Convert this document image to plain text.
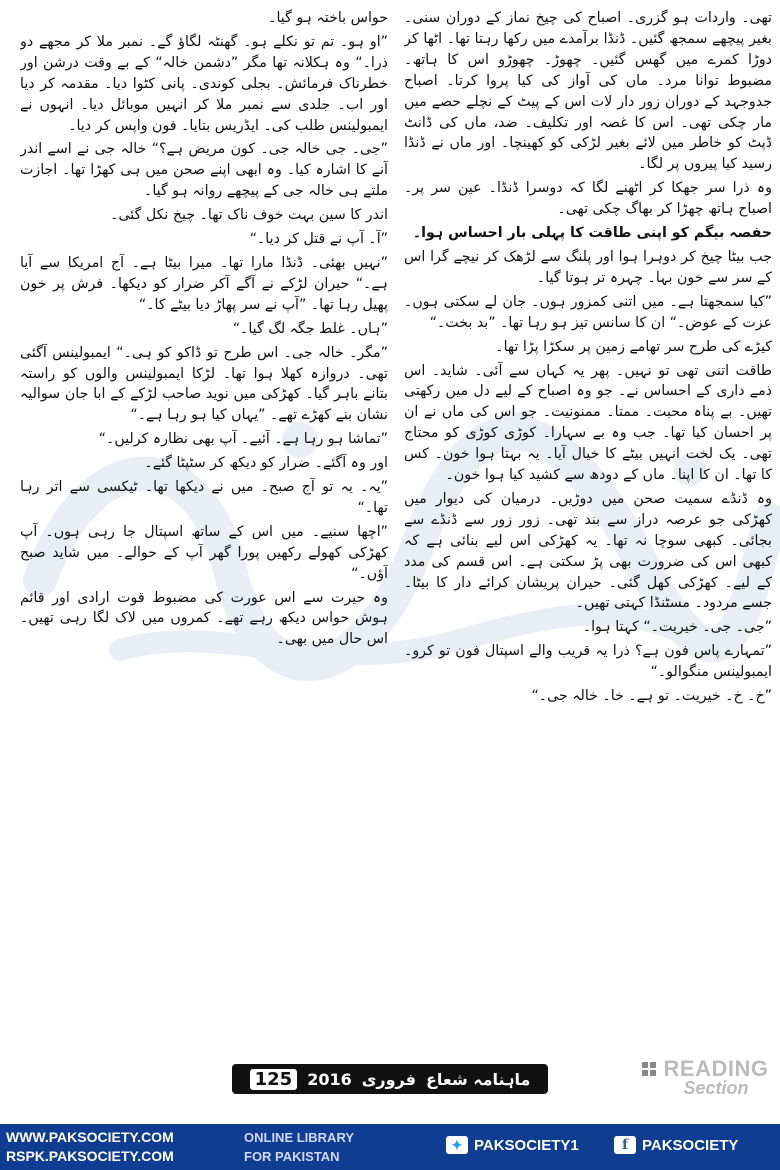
تھی۔ واردات ہو گزری۔ اصباح کی چیخ نماز کے دوران سنی۔ بغیر پیچھے سمجھ گئیں۔ ڈنڈا برآمدے میں رکھا رہتا تھا۔ اٹھا کر دوڑا کمرے میں گھس گئیں۔ چھوڑ۔ چھوڑو اس کا ہاتھ۔ مضبوط توانا مرد۔ ماں کی آواز کی کیا پروا کرتا۔ اصباح جدوجہد کے دوران زور دار لات اس کے پیٹ کے نچلے حصے میں مار چکی تھی۔ اس کا غصہ اور تکلیف۔ ضد، ماں کی ڈانٹ ڈپٹ کو خاطر میں لائے بغیر لڑکی کو کھینچا۔ اور ماں نے ڈنڈا رسید کیا پیروں پر لگا۔

وہ ذرا سر جھکا کر اٹھنے لگا کہ دوسرا ڈنڈا۔ عین سر پر۔ اصباح ہاتھ چھڑا کر بھاگ چکی تھی۔

حفصہ بیگم کو اپنی طاقت کا پہلی بار احساس ہوا۔

جب بیٹا چیخ کر دوہرا ہوا اور پلنگ سے لڑھک کر نیچے گرا اس کے سر سے خون بہا۔ چہرہ تر ہوتا گیا۔

”کیا سمجھتا ہے۔ میں اتنی کمزور ہوں۔ جان لے سکتی ہوں۔ عزت کے عوض۔“ ان کا سانس تیز ہو رہا تھا۔ ”بد بخت۔“

کیڑے کی طرح سر تھامے زمین پر سکڑا پڑا تھا۔

طاقت اتنی تھی تو نہیں۔ پھر یہ کہاں سے آئی۔ شاید۔ اس ذمے داری کے احساس نے۔ جو وہ اصباح کے لیے دل میں رکھتی تھیں۔ بے پناہ محبت۔ ممتا۔ ممنونیت۔ جو اس کی ماں نے ان پر احسان کیا تھا۔ جب وہ بے سہارا۔ کوڑی کوڑی کو محتاج تھی۔ یک لخت انہیں بیٹے کا خیال آیا۔ یہ بہتا ہوا خون۔ کس کا تھا۔ ان کا اپنا۔ ماں کے دودھ سے کشید کیا ہوا خون۔

وہ ڈنڈے سمیت صحن میں دوڑیں۔ درمیان کی دیوار میں کھڑکی جو عرصہ دراز سے بند تھی۔ زور زور سے ڈنڈے سے بجائی۔ کبھی سوچا نہ تھا۔ یہ کھڑکی اس لیے بنائی ہے کہ کبھی اس کی ضرورت بھی پڑ سکتی ہے۔ اس قسم کی مدد کے لیے۔ کھڑکی کھل گئی۔ حیران پریشان کرائے دار کا بیٹا۔ جسے مردود۔ مسٹنڈا کہتی تھیں۔

”جی۔ جی۔ خیریت۔“ کہتا ہوا۔

”تمہارے پاس فون ہے؟ ذرا یہ قریب والے اسپتال فون تو کرو۔ ایمبولینس منگوالو۔“

”خ۔ خ۔ خیریت۔ تو ہے۔ خا۔ خالہ جی۔“

حواس باختہ ہو گیا۔

”او ہو۔ تم تو نکلے ہو۔ گھنٹہ لگاؤ گے۔ نمبر ملا کر مجھے دو ذرا۔“ وہ ہکلانہ تھا مگر ”دشمن خالہ“ کے بے وقت درشن اور خطرناک فرمائش۔ بجلی کوندی۔ پانی کٹوا دیا۔ مقدمہ کر دیا اور اب۔ جلدی سے نمبر ملا کر انہیں موبائل دیا۔ انہوں نے ایمبولینس طلب کی۔ ایڈریس بتایا۔ فون واپس کر دیا۔

”جی۔ جی خالہ جی۔ کون مریض ہے؟“ خالہ جی نے اسے اندر آنے کا اشارہ کیا۔ وہ ابھی اپنے صحن میں ہی کھڑا تھا۔ اجازت ملتے ہی خالہ جی کے پیچھے روانہ ہو گیا۔

اندر کا سین بہت خوف ناک تھا۔ چیخ نکل گئی۔

”آ۔ آپ نے قتل کر دیا۔“

”نہیں بھئی۔ ڈنڈا مارا تھا۔ میرا بیٹا ہے۔ آج امریکا سے آیا ہے۔“ حیران لڑکے نے آگے آکر ضرار کو دیکھا۔ فرش پر خون پھیل رہا تھا۔ ”آپ نے سر پھاڑ دیا بیٹے کا۔“

”ہاں۔ غلط جگہ لگ گیا۔“

”مگر۔ خالہ جی۔ اس طرح تو ڈاکو کو ہی۔“ ایمبولینس آگئی تھی۔ دروازہ کھلا ہوا تھا۔ لڑکا ایمبولینس والوں کو راستہ بتانے باہر گیا۔ کھڑکی میں نوید صاحب لڑکے کے ابا جان سوالیہ نشان بنے کھڑے تھے۔ ”یہاں کیا ہو رہا ہے۔“

”تماشا ہو رہا ہے۔ آئیے۔ آپ بھی نظارہ کرلیں۔“

اور وہ آگئے۔ ضرار کو دیکھ کر سٹپٹا گئے۔

”یہ۔ یہ تو آج صبح۔ میں نے دیکھا تھا۔ ٹیکسی سے اتر رہا تھا۔“

”اچھا سنیے۔ میں اس کے ساتھ اسپتال جا رہی ہوں۔ آپ کھڑکی کھولے رکھیں پورا گھر آپ کے حوالے۔ میں شاید صبح آؤں۔“

وہ حیرت سے اس عورت کی مضبوط قوت ارادی اور قائم ہوش حواس دیکھ رہے تھے۔ کمروں میں لاک لگا رہی تھیں۔ اس حال میں بھی۔

ماہنامہ شعاع
فروری
2016
125	READING
Section
WWW.PAKSOCIETY.COM
RSPK.PAKSOCIETY.COM
ONLINE LIBRARY
FOR PAKISTAN
✦ PAKSOCIETY1	f PAKSOCIETY
